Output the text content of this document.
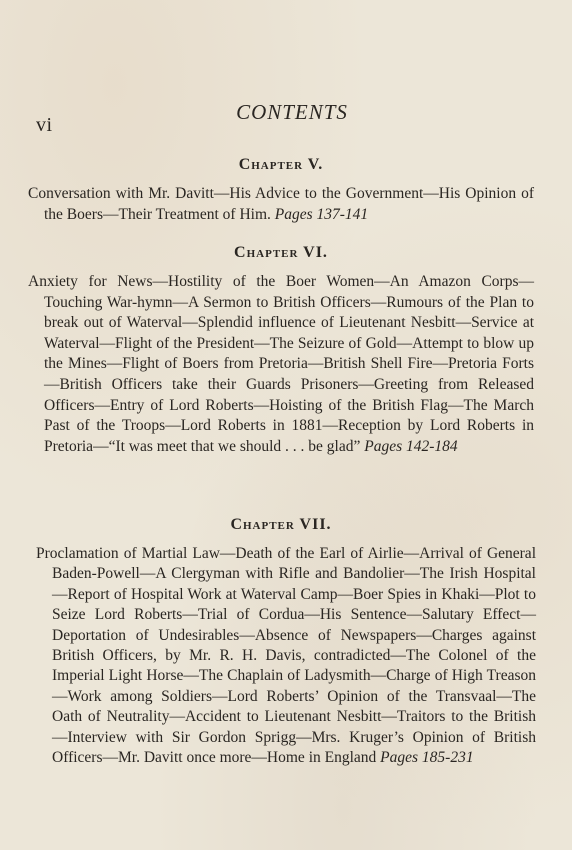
vi
CONTENTS
Chapter V.

Conversation with Mr. Davitt—His Advice to the Government—His Opinion of the Boers—Their Treatment of Him. Pages 137-141

Chapter VI.

Anxiety for News—Hostility of the Boer Women—An Amazon Corps—Touching War-hymn—A Sermon to British Officers—Rumours of the Plan to break out of Waterval—Splendid influence of Lieutenant Nesbitt—Service at Waterval—Flight of the President—The Seizure of Gold—Attempt to blow up the Mines—Flight of Boers from Pretoria—British Shell Fire—Pretoria Forts—British Officers take their Guards Prisoners—Greeting from Released Officers—Entry of Lord Roberts—Hoisting of the British Flag—The March Past of the Troops—Lord Roberts in 1881—Reception by Lord Roberts in Pretoria—“It was meet that we should . . . be glad” Pages 142-184

Chapter VII.

Proclamation of Martial Law—Death of the Earl of Airlie—Arrival of General Baden-Powell—A Clergyman with Rifle and Bandolier—The Irish Hospital—Report of Hospital Work at Waterval Camp—Boer Spies in Khaki—Plot to Seize Lord Roberts—Trial of Cordua—His Sentence—Salutary Effect—Deportation of Undesirables—Absence of Newspapers—Charges against British Officers, by Mr. R. H. Davis, contradicted—The Colonel of the Imperial Light Horse—The Chaplain of Ladysmith—Charge of High Treason—Work among Soldiers—Lord Roberts’ Opinion of the Transvaal—The Oath of Neutrality—Accident to Lieutenant Nesbitt—Traitors to the British—Interview with Sir Gordon Sprigg—Mrs. Kruger’s Opinion of British Officers—Mr. Davitt once more—Home in England Pages 185-231
